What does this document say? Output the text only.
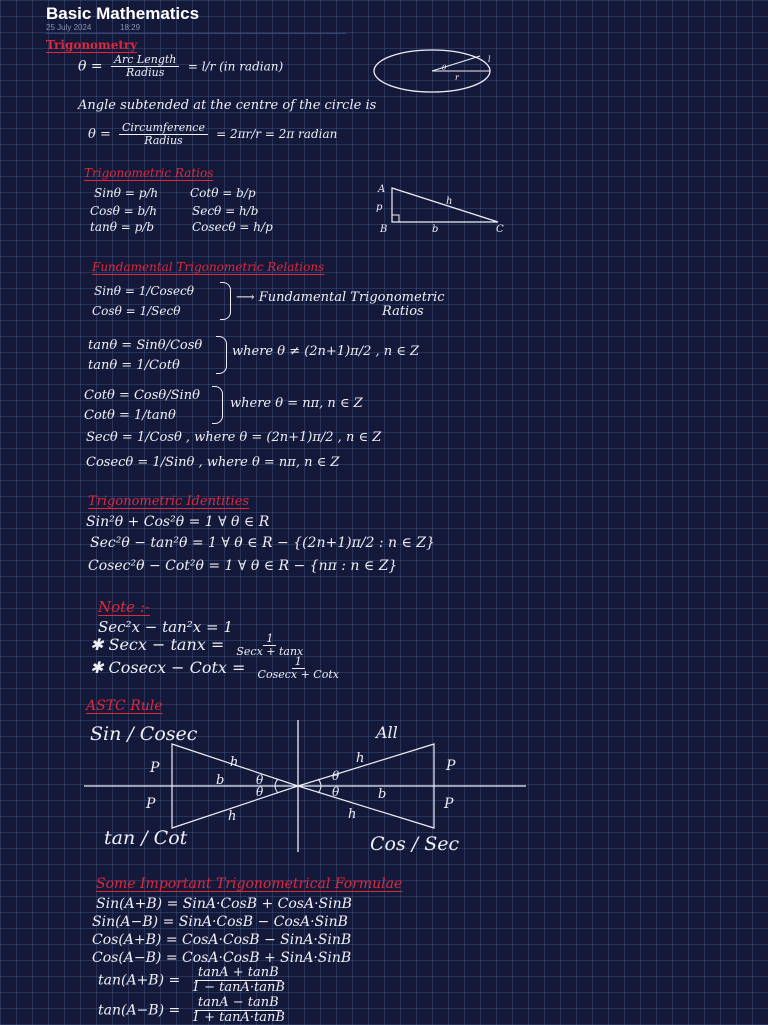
Basic Mathematics
25 July 2024	18:29
Trigonometry
$\theta = \frac{\text{Arc Length}}{\text{Radius}} = l/r$ (in radian)
r
l
θ
Angle subtended at the centre of the circle is
$\theta = \frac{\text{Circumference}}{\text{Radius}} = 2\pi r/r = 2\pi$ radian
Trigonometric Ratios
Sinθ = p/h	Cotθ = b/p
Cosθ = b/h	Secθ = h/b
tanθ = p/b	Cosecθ = h/p
A
p
B	b
h
C
Fundamental Trigonometric Relations
Sinθ = 1/Cosecθ
Cosθ = 1/Secθ
⟶ Fundamental Trigonometric
Ratios
tanθ = Sinθ/Cosθ
tanθ = 1/Cotθ
where θ ≠ (2n+1)π/2 , n ∈ Z
Cotθ = Cosθ/Sinθ
Cotθ = 1/tanθ
where θ = nπ, n ∈ Z
Secθ = 1/Cosθ , where θ = (2n+1)π/2 , n ∈ Z
Cosecθ = 1/Sinθ , where θ = nπ, n ∈ Z
Trigonometric Identities
Sin²θ + Cos²θ = 1 ∀ θ ∈ R
Sec²θ − tan²θ = 1 ∀ θ ∈ R − {(2n+1)π/2 : n ∈ Z}
Cosec²θ − Cot²θ = 1 ∀ θ ∈ R − {nπ : n ∈ Z}
Note :-
Sec²x − tan²x = 1
✱ Secx − $\tan x = \frac{1}{\text{Secx + tanx}}$
✱ Cosecx − Cotx = $\frac{1}{\text{Cosecx + Cotx}}$
ASTC Rule
Sin / Cosec	All
tan / Cot	Cos / Sec
P
P
P
P
h
h
h
h
b
b
θ
θ
θ
θ
Some Important Trigonometrical Formulae
Sin(A+B) = SinA·CosB + CosA·SinB
Sin(A−B) = SinA·CosB − CosA·SinB
Cos(A+B) = CosA·CosB − SinA·SinB
Cos(A−B) = CosA·CosB + SinA·SinB
$\tan(A+B) = \frac{\tan A + \tan B}{1 - \tan A\cdot\tan B}$
$\tan(A-B) = \frac{\tan A - \tan B}{1 + \tan A\cdot\tan B}$
